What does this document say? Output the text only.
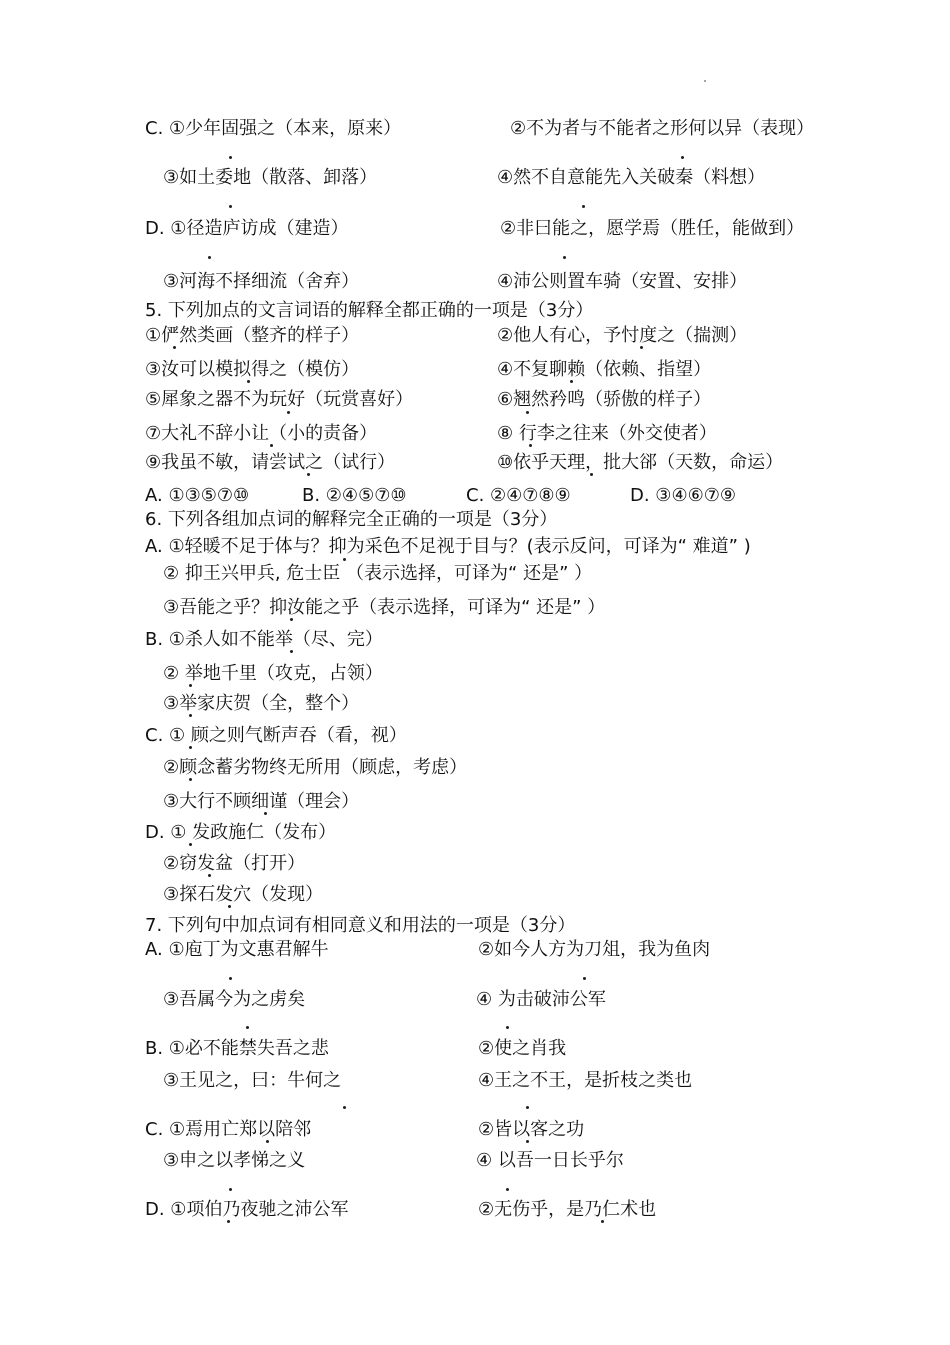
C. ①少年固强之（本来，原来）	②不为者与不能者之形何以异（表现）
③如土委地（散落、卸落）	④然不自意能先入关破秦（料想）
D. ①径造庐访成（建造）	②非曰能之，愿学焉（胜任，能做到）
③河海不择细流（舍弃）	④沛公则置车骑（安置、安排）
5. 下列加点的文言词语的解释全都正确的一项是（3分）
①俨然类画（整齐的样子）	②他人有心，予忖度之（揣测）
③汝可以模拟得之（模仿）	④不复聊赖（依赖、指望）
⑤犀象之器不为玩好（玩赏喜好）	⑥翘然矜鸣（骄傲的样子）
⑦大礼不辞小让（小的责备）	⑧ 行李之往来（外交使者）
⑨我虽不敏，请尝试之（试行）	⑩依乎天理，批大郤（天数，命运）
A. ①③⑤⑦⑩	B. ②④⑤⑦⑩	C. ②④⑦⑧⑨	D. ③④⑥⑦⑨
6. 下列各组加点词的解释完全正确的一项是（3分）
A. ①轻暖不足于体与？抑为采色不足视于目与？(表示反问，可译为“ 难道” )
② 抑王兴甲兵, 危士臣 （表示选择，可译为“ 还是” ）
③吾能之乎？抑汝能之乎（表示选择，可译为“ 还是” ）
B. ①杀人如不能举（尽、完）
② 举地千里（攻克，占领）
③举家庆贺（全，整个）
C. ① 顾之则气断声吞（看，视）
②顾念蓄劣物终无所用（顾虑，考虑）
③大行不顾细谨（理会）
D. ① 发政施仁（发布）
②窃发盆（打开）
③探石发穴（发现）
7. 下列句中加点词有相同意义和用法的一项是（3分）
A. ①庖丁为文惠君解牛	②如今人方为刀俎，我为鱼肉
③吾属今为之虏矣	④ 为击破沛公军
B. ①必不能禁失吾之悲	②使之肖我
③王见之，曰：牛何之	④王之不王，是折枝之类也
C. ①焉用亡郑以陪邻	②皆以客之功
③申之以孝悌之义	④ 以吾一日长乎尔
D. ①项伯乃夜驰之沛公军	②无伤乎，是乃仁术也
